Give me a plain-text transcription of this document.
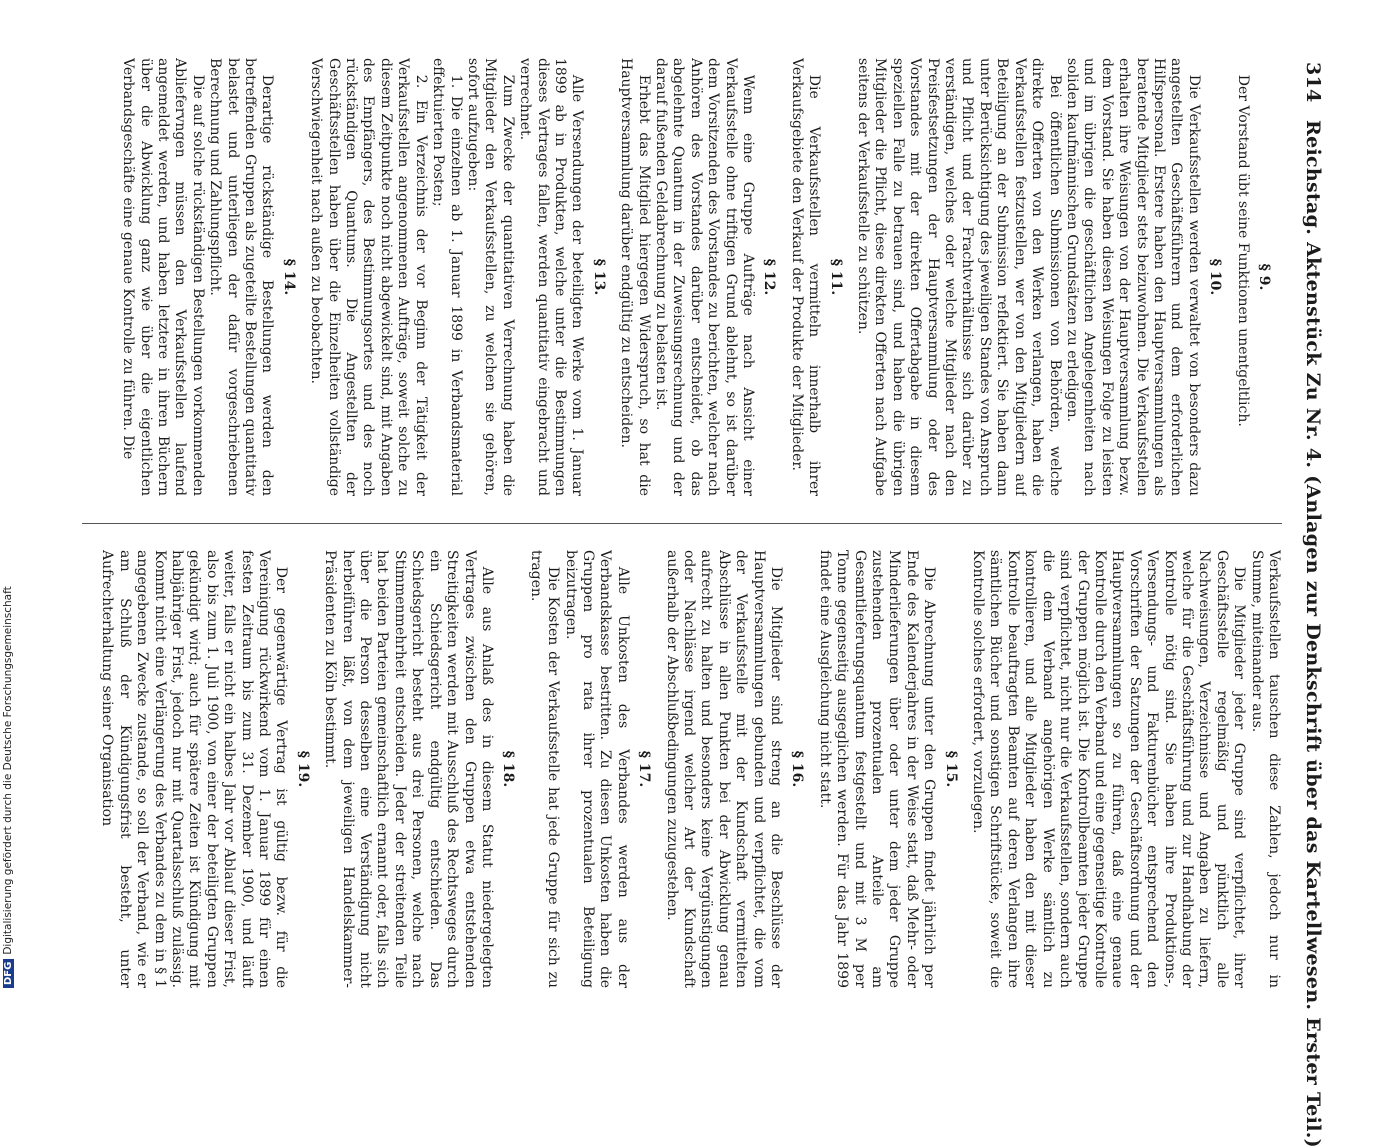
314
Reichstag. Aktenstück Zu Nr. 4. (Anlagen zur Denkschrift über das Kartellwesen. Erster Teil.)
§ 9.

Der Vorstand übt seine Funktionen unentgeltlich.

§ 10.

Die Verkaufsstellen werden verwaltet von besonders dazu angestellten Geschäftsführern und dem erforderlichen Hilfspersonal. Erstere haben den Hauptversammlungen als beratende Mitglieder stets beizuwohnen. Die Verkaufsstellen erhalten ihre Weisungen von der Hauptversammlung bezw. dem Vorstand. Sie haben diesen Weisungen Folge zu leisten und im übrigen die geschäftlichen Angelegenheiten nach soliden kaufmännischen Grundsätzen zu erledigen.

Bei öffentlichen Submissionen von Behörden, welche direkte Offerten von den Werken verlangen, haben die Verkaufsstellen festzustellen, wer von den Mitgliedern auf Beteiligung an der Submission reflektiert. Sie haben dann unter Berücksichtigung des jeweiligen Standes von Anspruch und Pflicht und der Frachtverhältnisse sich darüber zu verständigen, welches oder welche Mitglieder nach den Preisfestsetzungen der Hauptversammlung oder des Vorstandes mit der direkten Offertabgabe in diesem speziellen Falle zu betrauen sind, und haben die übrigen Mitglieder die Pflicht, diese direkten Offerten nach Aufgabe seitens der Verkaufsstelle zu schützen.

§ 11.

Die Verkaufsstellen vermitteln innerhalb ihrer Verkaufsgebiete den Verkauf der Produkte der Mitglieder.

§ 12.

Wenn eine Gruppe Aufträge nach Ansicht einer Verkaufsstelle ohne triftigen Grund ablehnt, so ist darüber dem Vorsitzenden des Vorstandes zu berichten, welcher nach Anhören des Vorstandes darüber entscheidet, ob das abgelehnte Quantum in der Zuweisungsrechnung und der darauf fußenden Geldabrechnung zu belasten ist.

Erhebt das Mitglied hiergegen Widerspruch, so hat die Hauptversammlung darüber endgültig zu entscheiden.

§ 13.

Alle Versendungen der beteiligten Werke vom 1. Januar 1899 ab in Produkten, welche unter die Bestimmungen dieses Vertrages fallen, werden quantitativ eingebracht und verrechnet.

Zum Zwecke der quantitativen Verrechnung haben die Mitglieder den Verkaufsstellen, zu welchen sie gehören, sofort aufzugeben:

1. Die einzelnen ab 1. Januar 1899 in Verbandsmaterial effektuierten Posten;

2. Ein Verzeichnis der vor Beginn der Tätigkeit der Verkaufsstellen angenommenen Aufträge, soweit solche zu diesem Zeitpunkte noch nicht abgewickelt sind, mit Angaben des Empfängers, des Bestimmungsortes und des noch rückständigen Quantums. Die Angestellten der Geschäftsstellen haben über die Einzelheiten vollständige Verschwiegenheit nach außen zu beobachten.

§ 14.

Derartige rückständige Bestellungen werden den betreffenden Gruppen als zugeteilte Bestellungen quantitativ belastet und unterliegen der dafür vorgeschriebenen Berechnung und Zahlungspflicht.

Die auf solche rückständigen Bestellungen vorkommenden Abliefervngen müssen den Verkaufsstellen laufend angemeldet werden, und haben letztere in ihren Büchern über die Abwicklung ganz wie über die eigentlichen Verbandsgeschäfte eine genaue Kontrolle zu führen. Die

Verkaufsstellen tauschen diese Zahlen, jedoch nur in Summe, miteinander aus.

Die Mitglieder jeder Gruppe sind verpflichtet, ihrer Geschäftsstelle regelmäßig und pünktlich alle Nachweisungen, Verzeichnisse und Angaben zu liefern, welche für die Geschäftsführung und zur Handhabung der Kontrolle nötig sind. Sie haben ihre Produktions-, Versendungs- und Fakturenbücher entsprechend den Vorschriften der Satzungen der Geschäftsordnung und der Hauptversammlungen so zu führen, daß eine genaue Kontrolle durch den Verband und eine gegenseitige Kontrolle der Gruppen möglich ist. Die Kontrollbeamten jeder Gruppe sind verpflichtet, nicht nur die Verkaufsstellen, sondern auch die dem Verband angehörigen Werke sämtlich zu kontrollieren, und alle Mitglieder haben den mit dieser Kontrolle beauftragten Beamten auf deren Verlangen ihre sämtlichen Bücher und sonstigen Schriftstücke, soweit die Kontrolle solches erfordert, vorzulegen.

§ 15.

Die Abrechnung unter den Gruppen findet jährlich per Ende des Kalenderjahres in der Weise statt, daß Mehr- oder Minderlieferungen über oder unter dem jeder Gruppe zustehenden prozentualen Anteile am Gesamtlieferungsquantum festgestellt und mit 3 M per Tonne gegenseitig ausgeglichen werden. Für das Jahr 1899 findet eine Ausgleichung nicht statt.

§ 16.

Die Mitglieder sind streng an die Beschlüsse der Hauptversammlungen gebunden und verpflichtet, die vom der Verkaufsstelle mit der Kundschaft vermittelten Abschlüsse in allen Punkten bei der Abwicklung genau aufrecht zu halten und besonders keine Vergünstigungen oder Nachlässe irgend welcher Art der Kundschaft außerhalb der Abschlußbedingungen zuzugestehen.

§ 17.

Alle Unkosten des Verbandes werden aus der Verbandskasse bestritten. Zu diesen Unkosten haben die Gruppen pro rata ihrer prozentualen Beteiligung beizutragen.

Die Kosten der Verkaufsstelle hat jede Gruppe für sich zu tragen.

§ 18.

Alle aus Anlaß des in diesem Statut niedergelegten Vertrages zwischen den Gruppen etwa entstehenden Streitigkeiten werden mit Ausschluß des Rechtsweges durch ein Schiedsgericht endgültig entschieden. Das Schiedsgericht besteht aus drei Personen, welche nach Stimmenmehrheit entscheiden. Jeder der streitenden Teile hat beiden Parteien gemeinschaftlich ernannt oder, falls sich über die Person desselben eine Verständigung nicht herbeiführen läßt, von dem jeweiligen Handelskammer-Präsidenten zu Köln bestimmt.

§ 19.

Der gegenwärtige Vertrag ist gültig bezw. für die Vereinigung rückwirkend vom 1. Januar 1899 für einen festen Zeitraum bis zum 31. Dezember 1900, und läuft weiter, falls er nicht ein halbes Jahr vor Ablauf dieser Frist, also bis zum 1. Juli 1900, von einer der beteiligten Gruppen gekündigt wird; auch für spätere Zeiten ist Kündigung mit halbjähriger Frist, jedoch nur mit Quartalsschluß zulässig. Kommt nicht eine Verlängerung des Verbandes zu dem in § 1 angegebenen Zwecke zustande, so soll der Verband, wie er am Schluß der Kündigungsfrist besteht, unter Aufrechterhaltung seiner Organisation

DFGDigitalisierung gefördert durch die Deutsche Forschungsgemeinschaft
